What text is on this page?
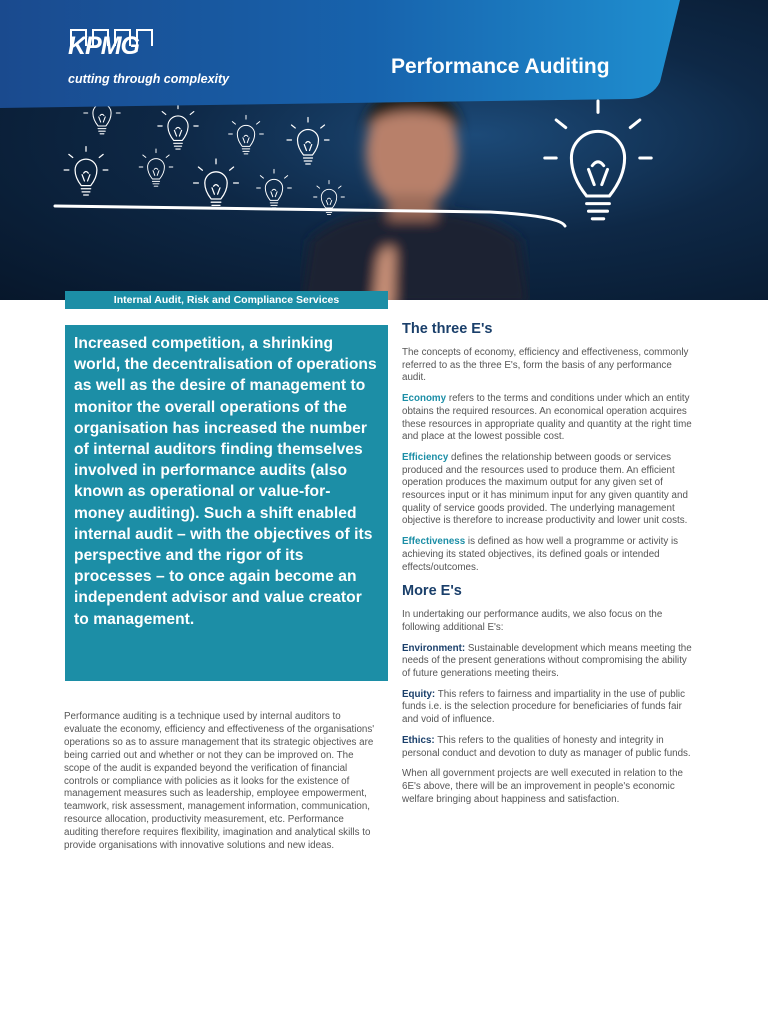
KPMG
cutting through complexity
Performance Auditing
Internal Audit, Risk and Compliance Services
Increased competition, a shrinking world, the decentralisation of operations as well as the desire of management to monitor the overall operations of the organisation has increased the number of internal auditors finding themselves involved in performance audits (also known as operational or value-for-money auditing). Such a shift enabled internal audit – with the objectives of its perspective and the rigor of its processes – to once again become an independent advisor and value creator to management.
Performance auditing is a technique used by internal auditors to evaluate the economy, efficiency and effectiveness of the organisations' operations so as to assure management that its strategic objectives are being carried out and whether or not they can be improved on. The scope of the audit is expanded beyond the verification of financial controls or compliance with policies as it looks for the existence of management measures such as leadership, employee empowerment, teamwork, risk assessment, management information, communication, resource allocation, productivity measurement, etc. Performance auditing therefore requires flexibility, imagination and analytical skills to provide organisations with innovative solutions and new ideas.
The three E's

The concepts of economy, efficiency and effectiveness, commonly referred to as the three E's, form the basis of any performance audit.

Economy refers to the terms and conditions under which an entity obtains the required resources. An economical operation acquires these resources in appropriate quality and quantity at the right time and place at the lowest possible cost.

Efficiency defines the relationship between goods or services produced and the resources used to produce them. An efficient operation produces the maximum output for any given set of resources input or it has minimum input for any given quantity and quality of service goods provided. The underlying management objective is therefore to increase productivity and lower unit costs.

Effectiveness is defined as how well a programme or activity is achieving its stated objectives, its defined goals or intended effects/outcomes.

More E's

In undertaking our performance audits, we also focus on the following additional E's:

Environment: Sustainable development which means meeting the needs of the present generations without compromising the ability of future generations meeting theirs.

Equity: This refers to fairness and impartiality in the use of public funds i.e. is the selection procedure for beneficiaries of funds fair and void of influence.

Ethics: This refers to the qualities of honesty and integrity in personal conduct and devotion to duty as manager of public funds.

When all government projects are well executed in relation to the 6E's above, there will be an improvement in people's economic welfare bringing about happiness and satisfaction.
